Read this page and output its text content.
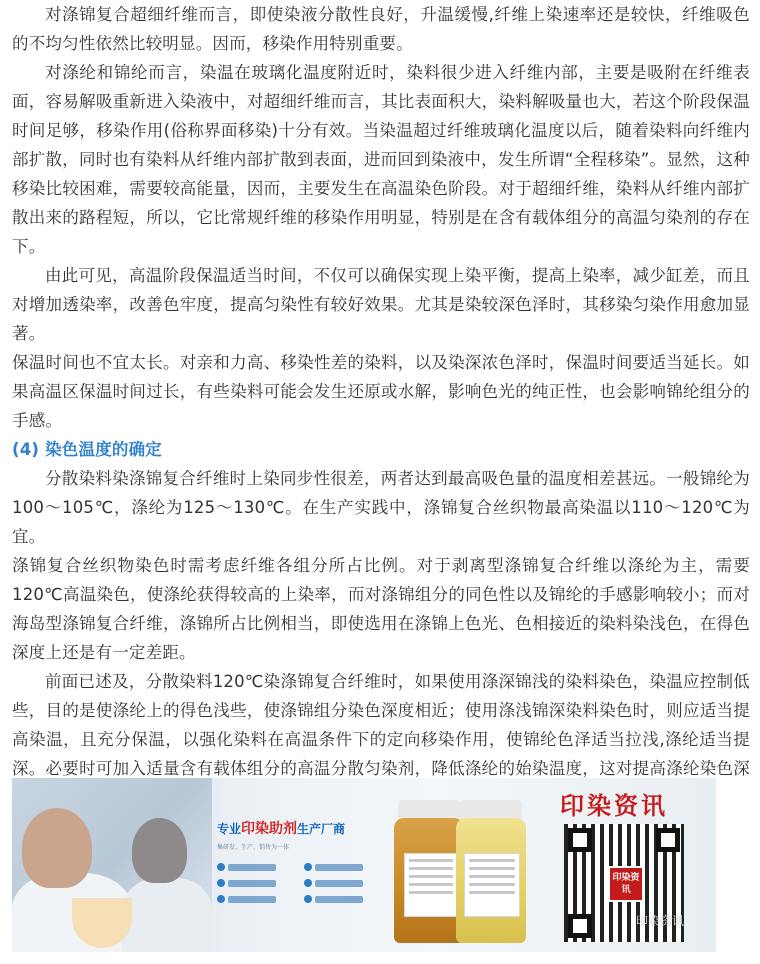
对涤锦复合超细纤维而言，即使染液分散性良好，升温缓慢,纤维上染速率还是较快，纤维吸色的不均匀性依然比较明显。因而，移染作用特别重要。

对涤纶和锦纶而言，染温在玻璃化温度附近时，染料很少进入纤维内部，主要是吸附在纤维表面，容易解吸重新进入染液中，对超细纤维而言，其比表面积大，染料解吸量也大，若这个阶段保温时间足够，移染作用(俗称界面移染)十分有效。当染温超过纤维玻璃化温度以后，随着染料向纤维内部扩散，同时也有染料从纤维内部扩散到表面，进而回到染液中，发生所谓“全程移染”。显然，这种移染比较困难，需要较高能量，因而，主要发生在高温染色阶段。对于超细纤维，染料从纤维内部扩散出来的路程短，所以，它比常规纤维的移染作用明显，特别是在含有载体组分的高温匀染剂的存在下。

由此可见，高温阶段保温适当时间，不仅可以确保实现上染平衡，提高上染率，减少缸差，而且对增加透染率，改善色牢度，提高匀染性有较好效果。尤其是染较深色泽时，其移染匀染作用愈加显著。

保温时间也不宜太长。对亲和力高、移染性差的染料，以及染深浓色泽时，保温时间要适当延长。如果高温区保温时间过长，有些染料可能会发生还原或水解，影响色光的纯正性，也会影响锦纶组分的手感。

(4) 染色温度的确定

分散染料染涤锦复合纤维时上染同步性很差，两者达到最高吸色量的温度相差甚远。一般锦纶为100～105℃，涤纶为125～130℃。在生产实践中，涤锦复合丝织物最高染温以110～120℃为宜。

涤锦复合丝织物染色时需考虑纤维各组分所占比例。对于剥离型涤锦复合纤维以涤纶为主，需要120℃高温染色，使涤纶获得较高的上染率，而对涤锦组分的同色性以及锦纶的手感影响较小；而对海岛型涤锦复合纤维，涤锦所占比例相当，即使选用在涤锦上色光、色相接近的染料染浅色，在得色深度上还是有一定差距。

前面已述及，分散染料120℃染涤锦复合纤维时，如果使用涤深锦浅的染料染色，染温应控制低些，目的是使涤纶上的得色浅些，使涤锦组分染色深度相近；使用涤浅锦深染料染色时，则应适当提高染温，且充分保温，以强化染料在高温条件下的定向移染作用，使锦纶色泽适当拉浅,涤纶适当提深。必要时可加入适量含有载体组分的高温分散匀染剂，降低涤纶的始染温度，这对提高涤纶染色深

专业印染助剂生产厂商
集研发、生产、销售为一体
印染资讯
印染资讯
印染资讯
